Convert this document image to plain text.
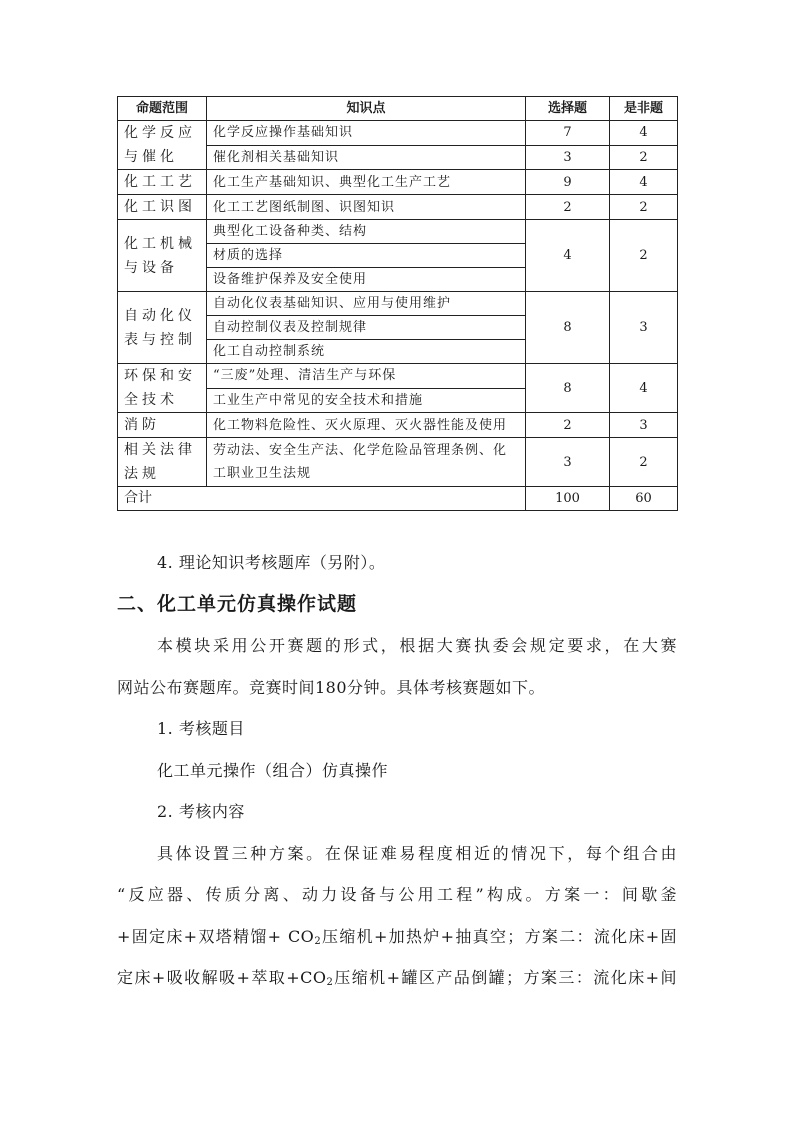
命题范围	知识点	选择题	是非题
化学反应与催化	化学反应操作基础知识	7	4
	催化剂相关基础知识	3	2
化工工艺	化工生产基础知识、典型化工生产工艺	9	4
化工识图	化工工艺图纸制图、识图知识	2	2
化工机械与设备	典型化工设备种类、结构	4	2
	材质的选择		
	设备维护保养及安全使用		
自动化仪表与控制	自动化仪表基础知识、应用与使用维护	8	3
	自动控制仪表及控制规律		
	化工自动控制系统		
环保和安全技术	“三废”处理、清洁生产与环保	8	4
	工业生产中常见的安全技术和措施		
消防	化工物料危险性、灭火原理、灭火器性能及使用	2	3
相关法律法规	劳动法、安全生产法、化学危险品管理条例、化工职业卫生法规	3	2
合计		100	60
4. 理论知识考核题库（另附）。
二、化工单元仿真操作试题
本模块采用公开赛题的形式，根据大赛执委会规定要求，在大赛
网站公布赛题库。竞赛时间180分钟。具体考核赛题如下。
1. 考核题目
化工单元操作（组合）仿真操作
2. 考核内容
具体设置三种方案。在保证难易程度相近的情况下，每个组合由
“反应器、传质分离、动力设备与公用工程”构成。方案一：间歇釜
+固定床+双塔精馏+ $CO_2$压缩机+加热炉+抽真空；方案二：流化床+固
定床+吸收解吸+萃取$+CO_2$压缩机+罐区产品倒罐；方案三：流化床+间
